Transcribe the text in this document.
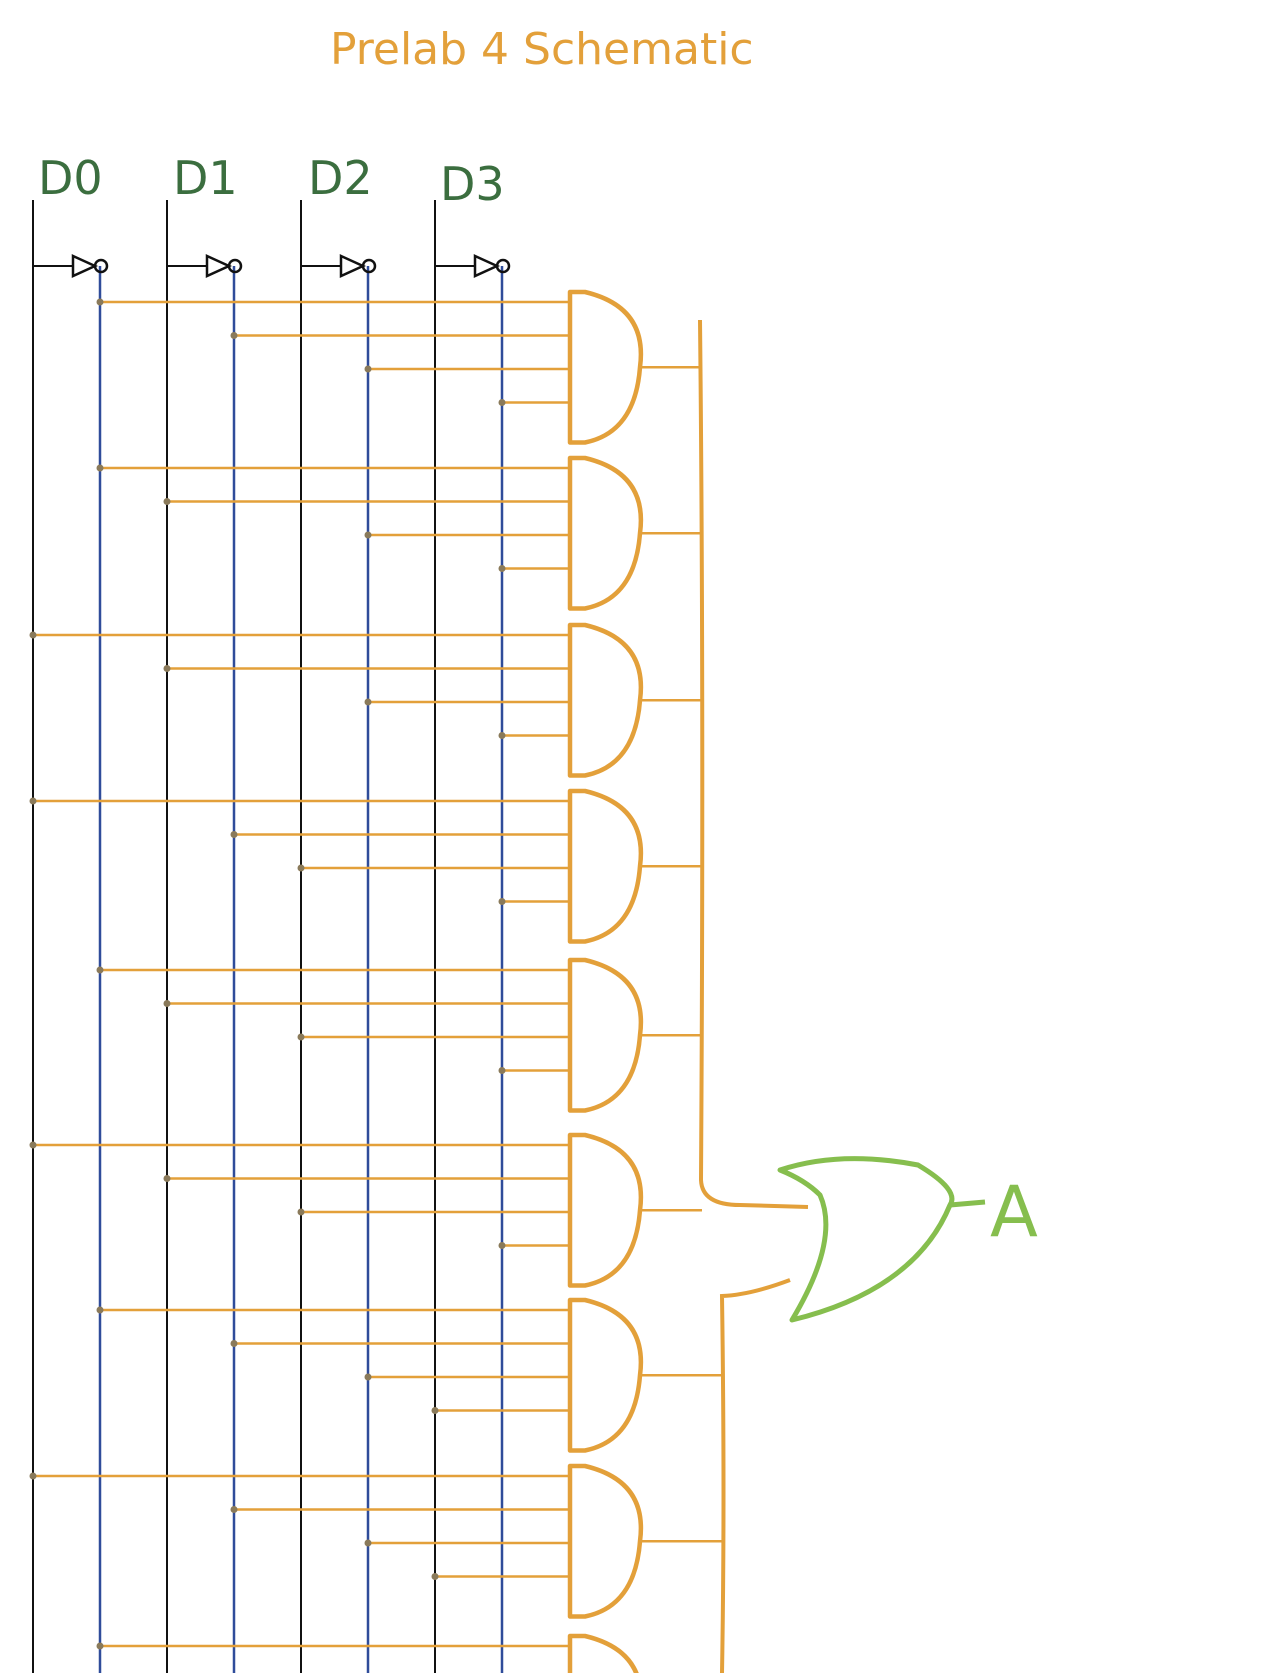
Prelab 4 Schematic
D0 D1 D2 D3
A
